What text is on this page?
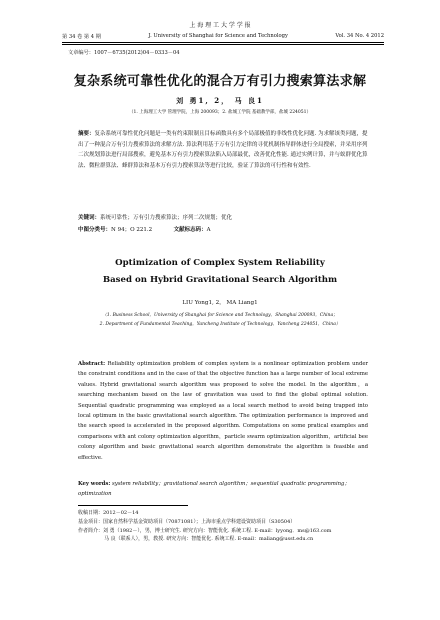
上 海 理 工 大 学 学 报
第 34 卷 第 4 期	J. University of Shanghai for Science and Technology	Vol. 34 No. 4 2012
文章编号：1007－6735(2012)04－0333－04
复杂系统可靠性优化的混合万有引力搜索算法求解
刘 勇1, 2， 马 良1
（1. 上海理工大学 管理学院，上海 200093；2. 盐城工学院 基础教学部，盐城 224051）
摘要：复杂系统可靠性优化问题是一类有约束限制且目标函数具有多个局部极值的非线性优化问题. 为求解该类问题，提出了一种混合万有引力搜索算法的求解方法. 算法利用基于万有引力定律的寻优机制指导群体进行全局搜索，并采用序列二次规划算法进行局部搜索，避免基本万有引力搜索算法陷入局部最优，改善优化性能. 通过实例计算，并与蚁群优化算法、微粒群算法、蜂群算法和基本万有引力搜索算法等进行比较，验证了算法的可行性和有效性.
关键词：系统可靠性；万有引力搜索算法；序列二次规划；优化
中图分类号：N 94；O 221.2	文献标志码：A
Optimization of Complex System Reliability
Based on Hybrid Gravitational Search Algorithm
LIU Yong1, 2， MA Liang1
（1. Business School，University of Shanghai for Science and Technology，Shanghai 200093，China；
2. Department of Fundamental Teaching，Yancheng Institute of Technology，Yancheng 224051，China）
Abstract: Reliability optimization problem of complex system is a nonlinear optimization problem under the constraint conditions and in the case of that the objective function has a large number of local extreme values. Hybrid gravitational search algorithm was proposed to solve the model. In the algorithm，a searching mechanism based on the law of gravitation was used to find the global optimal solution. Sequential quadratic programming was employed as a local search method to avoid being trapped into local optimum in the basic gravitational search algorithm. The optimization performance is improved and the search speed is accelerated in the proposed algorithm. Computations on some pratical examples and comparisons with ant colony optimization algorithm，particle swarm optimization algorithm，artificial bee colony algorithm and basic gravitational search algorithm demonstrate the algorithm is feasible and effective.
Key words: system reliability；gravitational search algorithm；sequential quadratic programming；optimization
收稿日期：2012－02－14
基金项目：国家自然科学基金资助项目（70871081）；上海市重点学科建设资助项目（S30504）
作者简介：刘 勇（1982－），男，博士研究生. 研究方向：智能优化. 系统工程. E-mail：lyyong．ms@163.com
马 良（联系人），男，教授. 研究方向：智能优化. 系统工程. E-mail：maliang@usst.edu.cn
